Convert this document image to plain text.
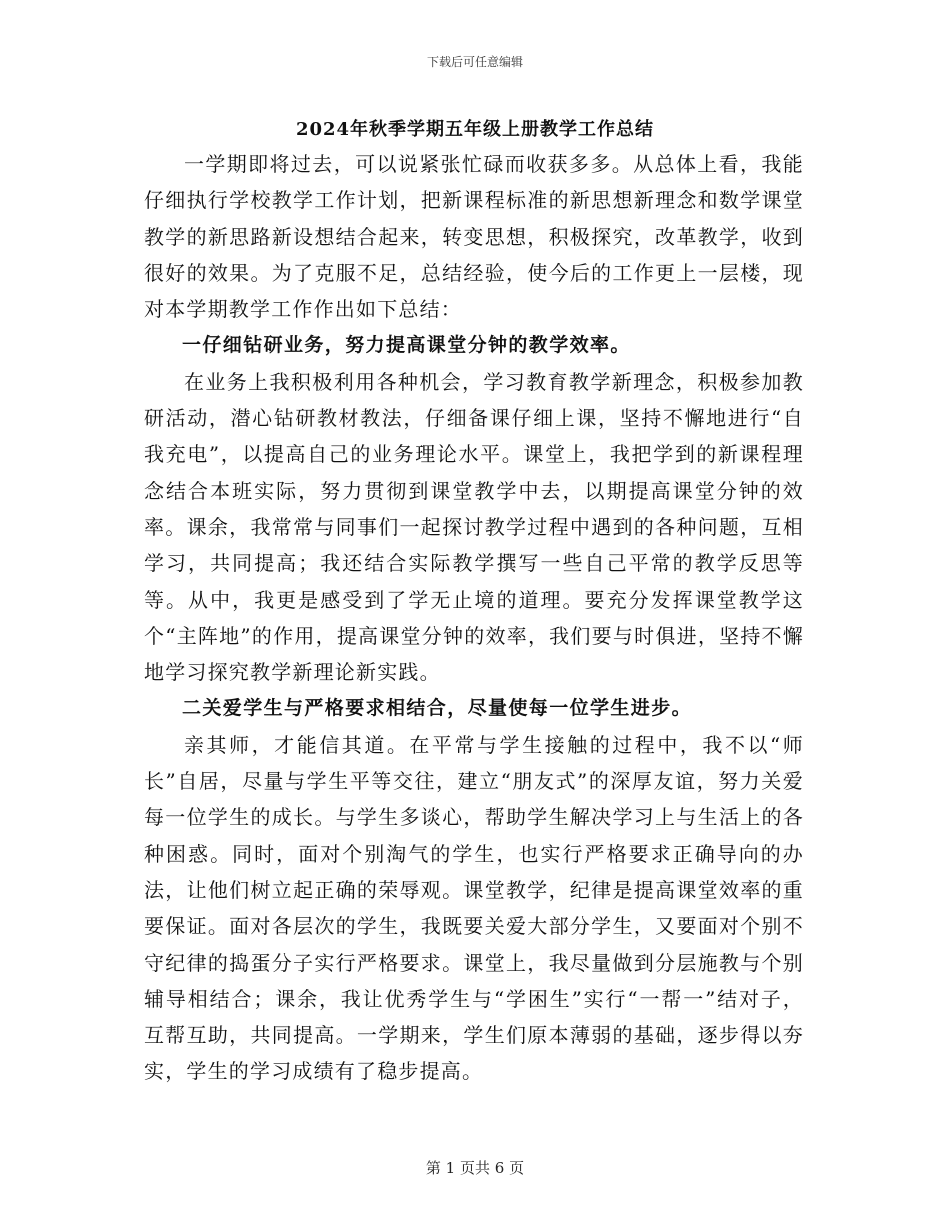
下载后可任意编辑
2024年秋季学期五年级上册教学工作总结

一学期即将过去，可以说紧张忙碌而收获多多。从总体上看，我能仔细执行学校教学工作计划，把新课程标准的新思想新理念和数学课堂教学的新思路新设想结合起来，转变思想，积极探究，改革教学，收到很好的效果。为了克服不足，总结经验，使今后的工作更上一层楼，现对本学期教学工作作出如下总结：

一仔细钻研业务，努力提高课堂分钟的教学效率。

在业务上我积极利用各种机会，学习教育教学新理念，积极参加教研活动，潜心钻研教材教法，仔细备课仔细上课，坚持不懈地进行“自我充电”，以提高自己的业务理论水平。课堂上，我把学到的新课程理念结合本班实际，努力贯彻到课堂教学中去，以期提高课堂分钟的效率。课余，我常常与同事们一起探讨教学过程中遇到的各种问题，互相学习，共同提高；我还结合实际教学撰写一些自己平常的教学反思等等。从中，我更是感受到了学无止境的道理。要充分发挥课堂教学这个“主阵地”的作用，提高课堂分钟的效率，我们要与时俱进，坚持不懈地学习探究教学新理论新实践。

二关爱学生与严格要求相结合，尽量使每一位学生进步。

亲其师，才能信其道。在平常与学生接触的过程中，我不以“师长”自居，尽量与学生平等交往，建立“朋友式”的深厚友谊，努力关爱每一位学生的成长。与学生多谈心，帮助学生解决学习上与生活上的各种困惑。同时，面对个别淘气的学生，也实行严格要求正确导向的办法，让他们树立起正确的荣辱观。课堂教学，纪律是提高课堂效率的重要保证。面对各层次的学生，我既要关爱大部分学生，又要面对个别不守纪律的捣蛋分子实行严格要求。课堂上，我尽量做到分层施教与个别辅导相结合；课余，我让优秀学生与“学困生”实行“一帮一”结对子，互帮互助，共同提高。一学期来，学生们原本薄弱的基础，逐步得以夯实，学生的学习成绩有了稳步提高。

第 1 页共 6 页
